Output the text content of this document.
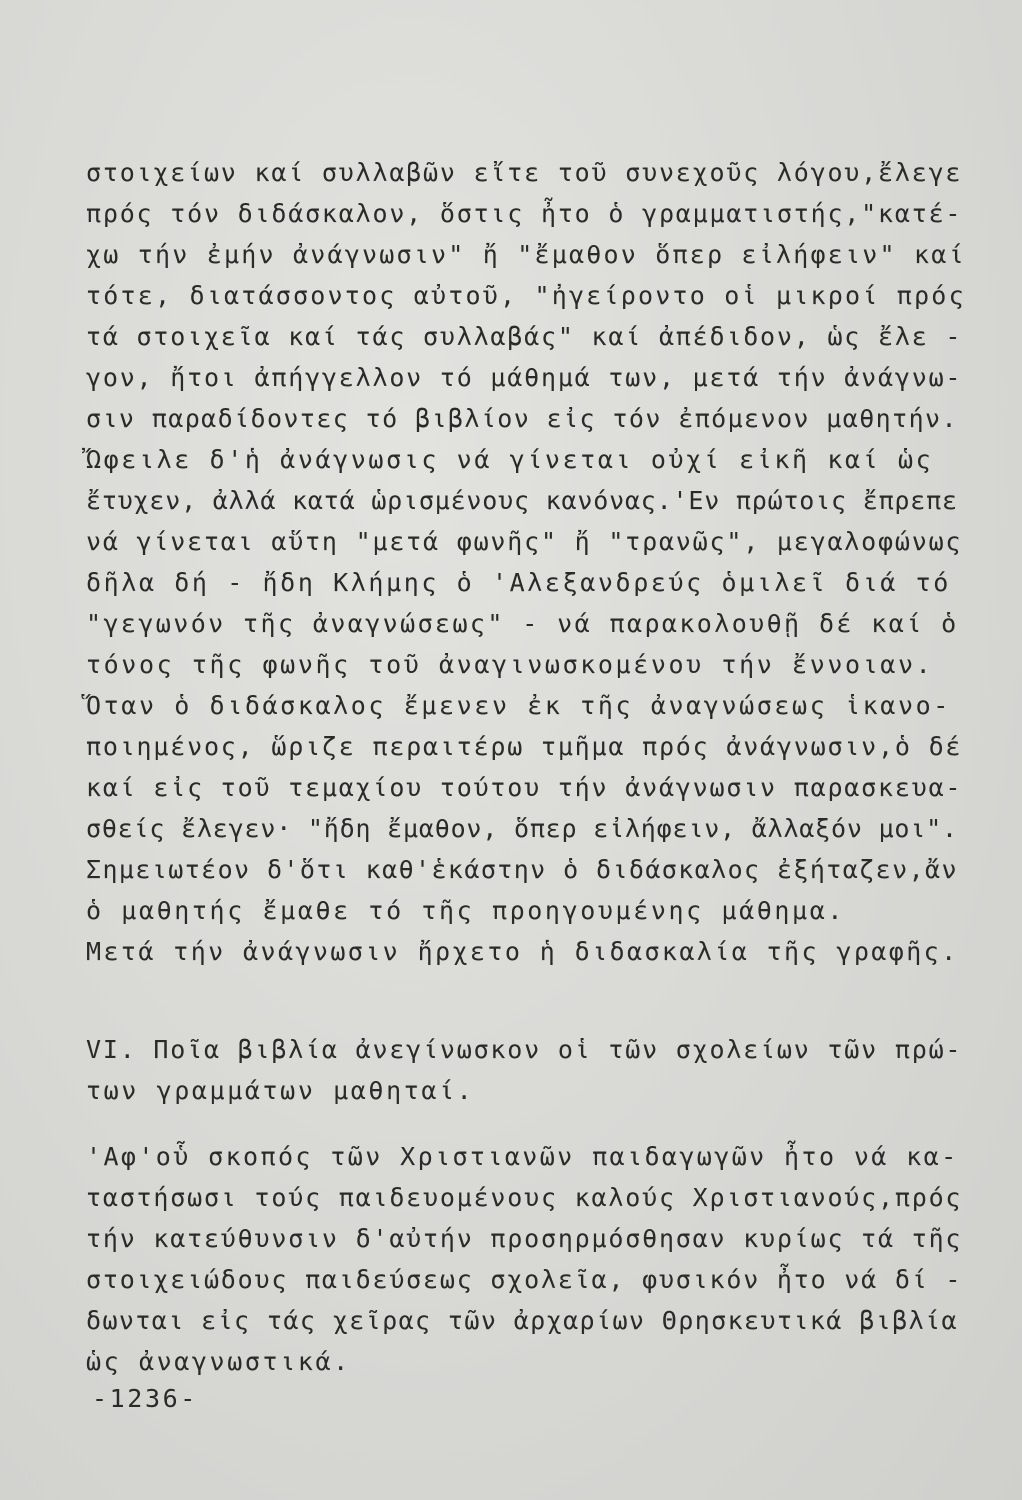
στοιχείων καί συλλαβῶν εἴτε τοῦ συνεχοῦς λόγου,ἔλεγε
πρός τόν διδάσκαλον, ὅστις ἦτο ὁ γραμματιστής,"κατέ-
χω τήν ἐμήν ἀνάγνωσιν" ἤ "ἔμαθον ὅπερ εἰλήφειν" καί
τότε, διατάσσοντος αὐτοῦ, "ἠγείροντο οἱ μικροί πρός
τά στοιχεῖα καί τάς συλλαβάς" καί ἀπέδιδον, ὡς ἔλε -
γον, ἤτοι ἀπήγγελλον τό μάθημά των, μετά τήν ἀνάγνω-
σιν παραδίδοντες τό βιβλίον εἰς τόν ἐπόμενον μαθητήν.
Ὤφειλε δ'ἡ ἀνάγνωσις νά γίνεται οὐχί εἰκῆ καί ὡς
ἔτυχεν, ἀλλά κατά ὡρισμένους κανόνας.'Εν πρώτοις ἔπρεπε
νά γίνεται αὕτη "μετά φωνῆς" ἤ "τρανῶς", μεγαλοφώνως
δῆλα δή - ἤδη Κλήμης ὁ 'Αλεξανδρεύς ὁμιλεῖ διά τό
"γεγωνόν τῆς ἀναγνώσεως" - νά παρακολουθῇ δέ καί ὁ
τόνος τῆς φωνῆς τοῦ ἀναγινωσκομένου τήν ἔννοιαν.
Ὅταν ὁ διδάσκαλος ἔμενεν ἐκ τῆς ἀναγνώσεως ἱκανο-
ποιημένος, ὥριζε περαιτέρω τμῆμα πρός ἀνάγνωσιν,ὁ δέ
καί εἰς τοῦ τεμαχίου τούτου τήν ἀνάγνωσιν παρασκευα-
σθείς ἔλεγεν· "ἤδη ἔμαθον, ὅπερ εἰλήφειν, ἄλλαξόν μοι".
Σημειωτέον δ'ὅτι καθ'ἑκάστην ὁ διδάσκαλος ἐξήταζεν,ἄν
ὁ μαθητής ἔμαθε τό τῆς προηγουμένης μάθημα.
Μετά τήν ἀνάγνωσιν ἤρχετο ἡ διδασκαλία τῆς γραφῆς.
VI. Ποῖα βιβλία ἀνεγίνωσκον οἱ τῶν σχολείων τῶν πρώ-
των γραμμάτων μαθηταί.
'Αφ'οὗ σκοπός τῶν Χριστιανῶν παιδαγωγῶν ἦτο νά κα-
ταστήσωσι τούς παιδευομένους καλούς Χριστιανούς,πρός
τήν κατεύθυνσιν δ'αὐτήν προσηρμόσθησαν κυρίως τά τῆς
στοιχειώδους παιδεύσεως σχολεῖα, φυσικόν ἦτο νά δί -
δωνται εἰς τάς χεῖρας τῶν ἀρχαρίων Θρησκευτικά βιβλία
ὡς ἀναγνωστικά.
-1236-
